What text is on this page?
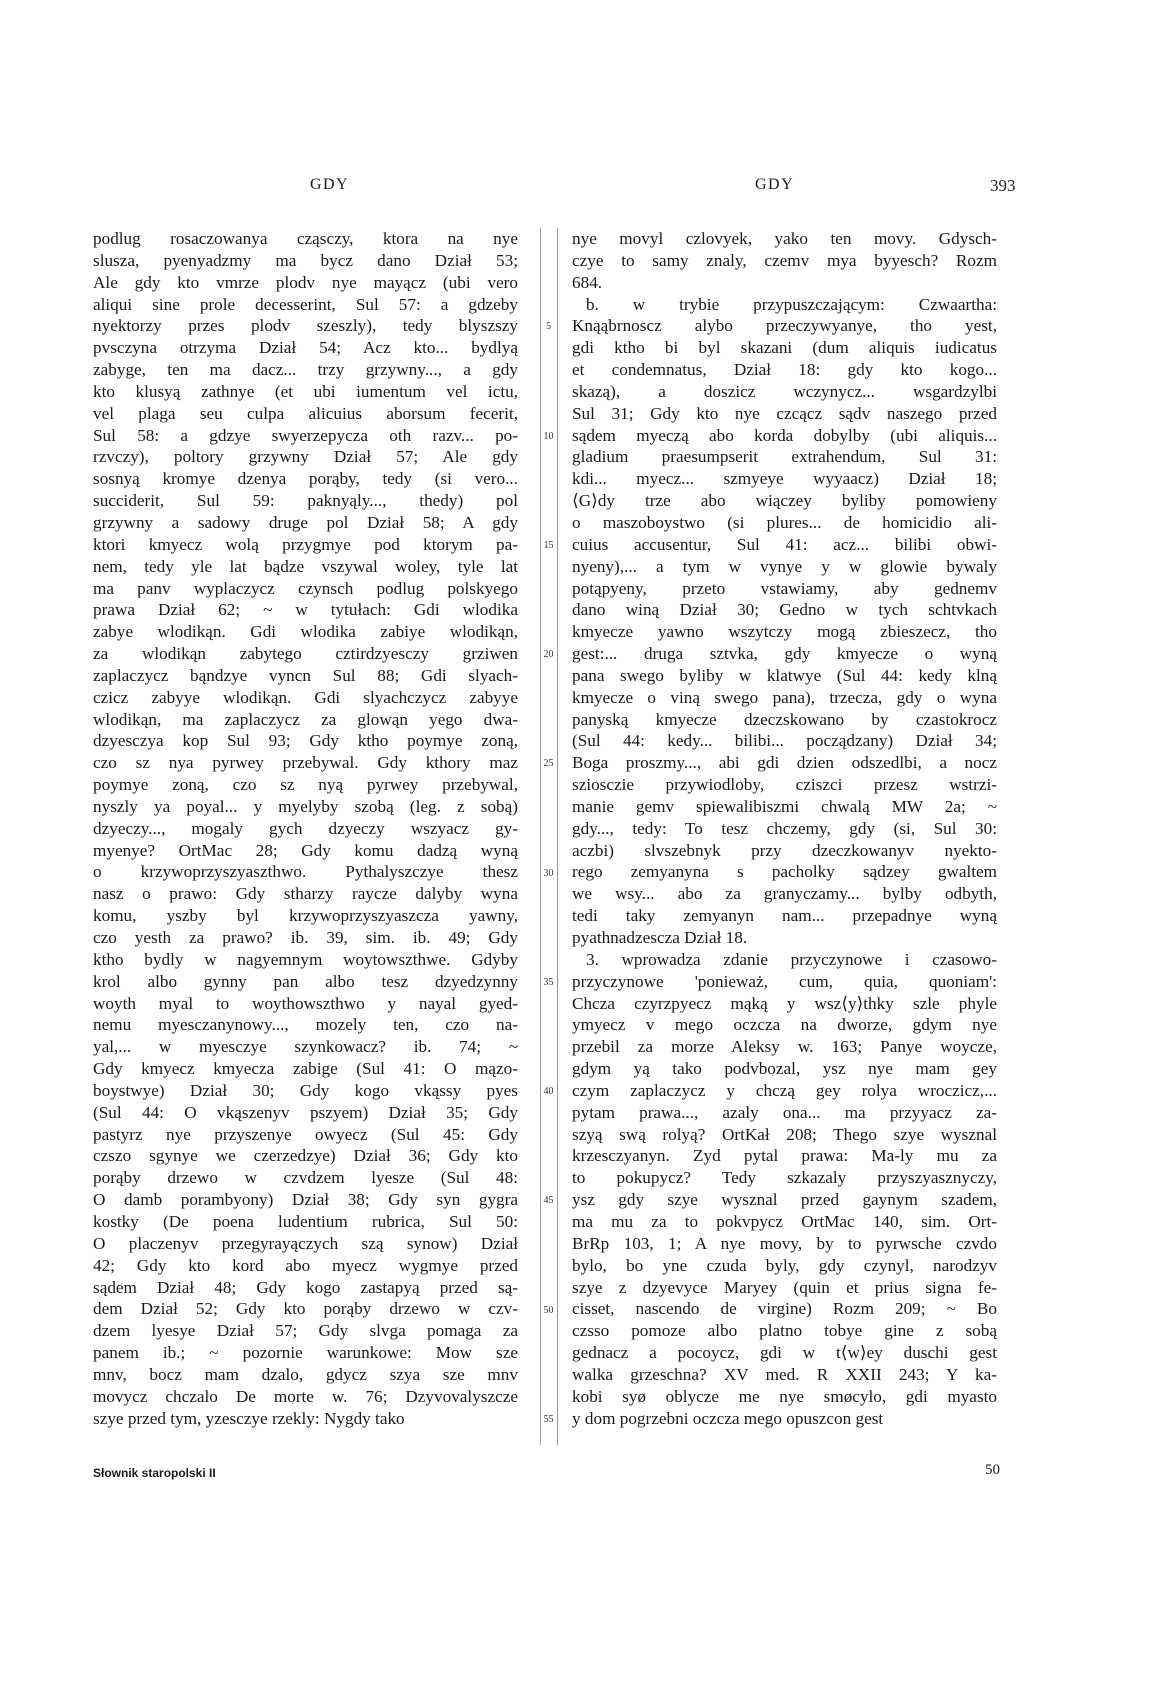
GDY	GDY	393
podlug rosaczowanya cząsczy, ktora na nye
slusza, pyenyadzmy ma bycz dano Dział 53;
Ale gdy kto vmrze plodv nye mayącz (ubi vero
aliqui sine prole decesserint, Sul 57: a gdzeby
nyektorzy przes plodv szeszly), tedy blyszszy
pvsczyna otrzyma Dział 54; Acz kto... bydlyą
zabyge, ten ma dacz... trzy grzywny..., a gdy
kto klusyą zathnye (et ubi iumentum vel ictu,
vel plaga seu culpa alicuius aborsum fecerit,
Sul 58: a gdzye swyerzepycza oth razv... po-
rzvczy), poltory grzywny Dział 57; Ale gdy
sosnyą kromye dzenya porąby, tedy (si vero...
succiderit, Sul 59: paknyąly..., thedy) pol
grzywny a sadowy druge pol Dział 58; A gdy
ktori kmyecz wolą przygmye pod ktorym pa-
nem, tedy yle lat bądze vszywal woley, tyle lat
ma panv wyplaczycz czynsch podlug polskyego
prawa Dział 62; ~ w tytułach: Gdi wlodika
zabye wlodikąn. Gdi wlodika zabiye wlodikąn,
za wlodikąn zabytego cztirdzyesczy grziwen
zaplaczycz bąndzye vyncn Sul 88; Gdi slyach-
czicz zabyye wlodikąn. Gdi slyachczycz zabyye
wlodikąn, ma zaplaczycz za glowąn yego dwa-
dzyesczya kop Sul 93; Gdy ktho poymye zoną,
czo sz nya pyrwey przebywal. Gdy kthory maz
poymye zoną, czo sz nyą pyrwey przebywal,
nyszly ya poyal... y myelyby szobą (leg. z sobą)
dzyeczy..., mogaly gych dzyeczy wszyacz gy-
myenye? OrtMac 28; Gdy komu dadzą wyną
o krzywoprzyszyaszthwo. Pythalyszczye thesz
nasz o prawo: Gdy stharzy raycze dalyby wyna
komu, yszby byl krzywoprzyszyaszcza yawny,
czo yesth za prawo? ib. 39, sim. ib. 49; Gdy
ktho bydly w nagyemnym woytowszthwe. Gdyby
krol albo gynny pan albo tesz dzyedzynny
woyth myal to woythowszthwo y nayal gyed-
nemu myesczanynowy..., mozely ten, czo na-
yal,... w myesczye szynkowacz? ib. 74; ~
Gdy kmyecz kmyecza zabige (Sul 41: O mązo-
boystwye) Dział 30; Gdy kogo vkąssy pyes
(Sul 44: O vkąszenyv pszyem) Dział 35; Gdy
pastyrz nye przyszenye owyecz (Sul 45: Gdy
czszo sgynye we czerzedzye) Dział 36; Gdy kto
porąby drzewo w czvdzem lyesze (Sul 48:
O damb porambyony) Dział 38; Gdy syn gygra
kostky (De poena ludentium rubrica, Sul 50:
O placzenyv przegyrayączych szą synow) Dział
42; Gdy kto kord abo myecz wygmye przed
sądem Dział 48; Gdy kogo zastapyą przed są-
dem Dział 52; Gdy kto porąby drzewo w czv-
dzem lyesye Dział 57; Gdy slvga pomaga za
panem ib.; ~ pozornie warunkowe: Mow sze
mnv, bocz mam dzalo, gdycz szya sze mnv
movycz chczalo De morte w. 76; Dzyvovalyszcze
szye przed tym, yzesczye rzekly: Nygdy tako
5
10
15
20
25
30
35
40
45
50
55
nye movyl czlovyek, yako ten movy. Gdysch-
czye to samy znaly, czemv mya byyesch? Rozm
684.
b. w trybie przypuszczającym: Czwaartha:
Knąąbrnoscz alybo przeczywyanye, tho yest,
gdi ktho bi byl skazani (dum aliquis iudicatus
et condemnatus, Dział 18: gdy kto kogo...
skazą), a doszicz wczynycz... wsgardzylbi
Sul 31; Gdy kto nye czcącz sądv naszego przed
sądem myeczą abo korda dobylby (ubi aliquis...
gladium praesumpserit extrahendum, Sul 31:
kdi... myecz... szmyeye wyyaacz) Dział 18;
⟨G⟩dy trze abo wiączey byliby pomowieny
o maszoboystwo (si plures... de homicidio ali-
cuius accusentur, Sul 41: acz... bilibi obwi-
nyeny),... a tym w vynye y w glowie bywaly
potąpyeny, przeto vstawiamy, aby gednemv
dano winą Dział 30; Gedno w tych schtvkach
kmyecze yawno wszytczy mogą zbieszecz, tho
gest:... druga sztvka, gdy kmyecze o wyną
pana swego byliby w klatwye (Sul 44: kedy klną
kmyecze o viną swego pana), trzecza, gdy o wyna
panyską kmyecze dzeczskowano by czastokrocz
(Sul 44: kedy... bilibi... począdzany) Dział 34;
Boga proszmy..., abi gdi dzien odszedlbi, a nocz
sziosczie przywiodloby, cziszci przesz wstrzi-
manie gemv spiewalibiszmi chwalą MW 2a; ~
gdy..., tedy: To tesz chczemy, gdy (si, Sul 30:
aczbi) slvszebnyk przy dzeczkowanyv nyekto-
rego zemyanyna s pacholky sądzey gwaltem
we wsy... abo za granyczamy... bylby odbyth,
tedi taky zemyanyn nam... przepadnye wyną
pyathnadzescza Dział 18.
3. wprowadza zdanie przyczynowe i czasowo-
przyczynowe 'ponieważ, cum, quia, quoniam':
Chcza czyrzpyecz mąką y wsz⟨y⟩thky szle phyle
ymyecz v mego oczcza na dworze, gdym nye
przebil za morze Aleksy w. 163; Panye woycze,
gdym yą tako podvbozal, ysz nye mam gey
czym zaplaczycz y chczą gey rolya wroczicz,...
pytam prawa..., azaly ona... ma przyyacz za-
szyą swą rolyą? OrtKał 208; Thego szye wysznal
krzesczyanyn. Zyd pytal prawa: Ma-ly mu za
to pokupycz? Tedy szkazaly przyszyasznyczy,
ysz gdy szye wysznal przed gaynym szadem,
ma mu za to pokvpycz OrtMac 140, sim. Ort-
BrRp 103, 1; A nye movy, by to pyrwsche czvdo
bylo, bo yne czuda byly, gdy czynyl, narodzyv
szye z dzyevyce Maryey (quin et prius signa fe-
cisset, nascendo de virgine) Rozm 209; ~ Bo
czsso pomoze albo platno tobye gine z sobą
gednacz a pocoycz, gdi w t⟨w⟩ey duschi gest
walka grzeschna? XV med. R XXII 243; Y ka-
kobi syø oblycze me nye smøcylo, gdi myasto
y dom pogrzebni oczcza mego opuszcon gest
Słownik staropolski II	50
